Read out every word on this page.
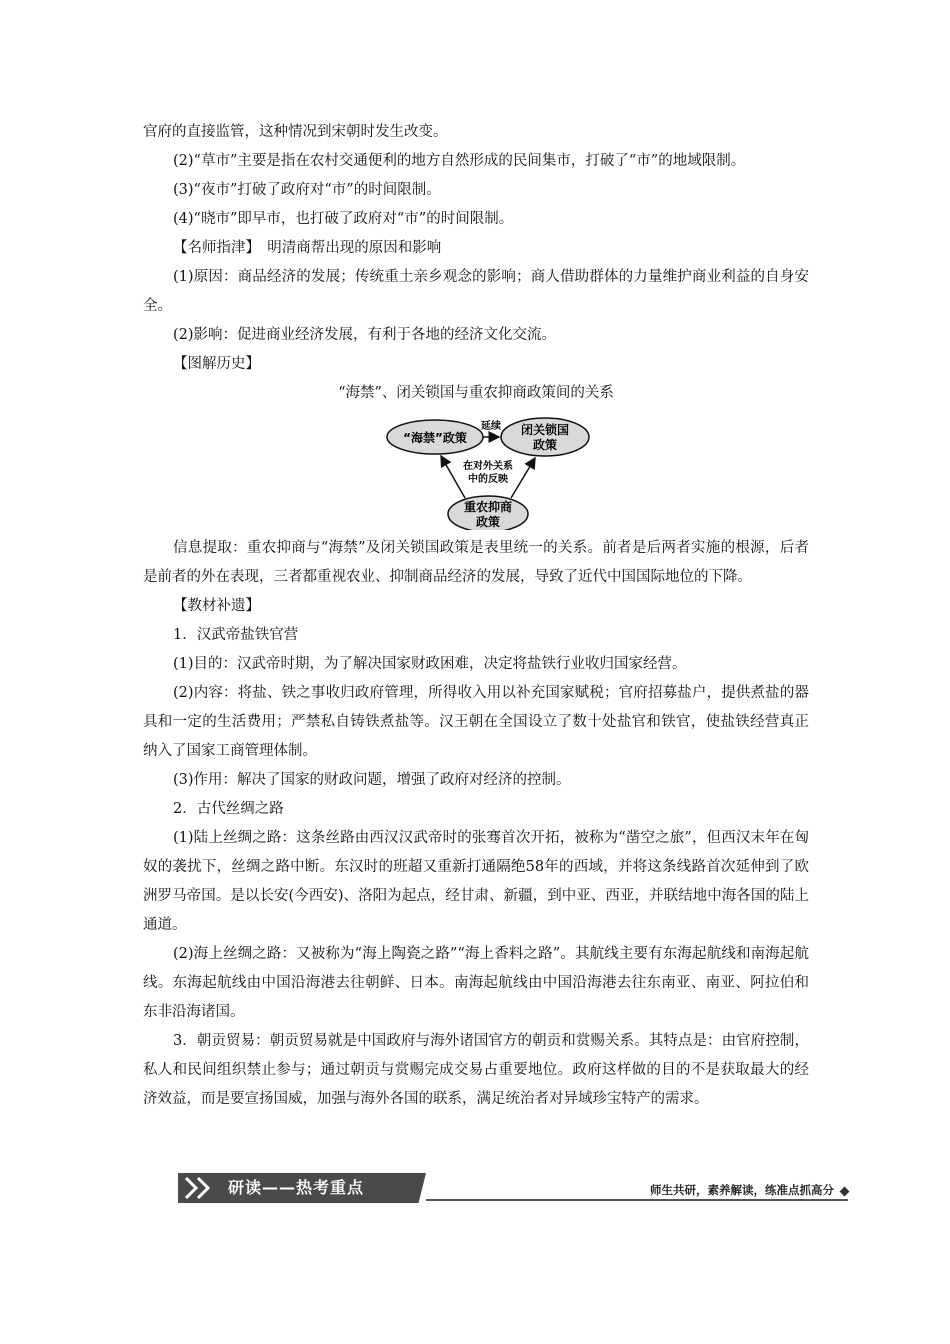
官府的直接监管，这种情况到宋朝时发生改变。

(2)“草市”主要是指在农村交通便利的地方自然形成的民间集市，打破了“市”的地域限制。

(3)“夜市”打破了政府对“市”的时间限制。

(4)“晓市”即早市，也打破了政府对“市”的时间限制。

【名师指津】　明清商帮出现的原因和影响

(1)原因：商品经济的发展；传统重土亲乡观念的影响；商人借助群体的力量维护商业利益的自身安全。

(2)影响：促进商业经济发展，有利于各地的经济文化交流。

【图解历史】

“海禁”、闭关锁国与重农抑商政策间的关系

“海禁”政策
闭关锁国
政策
重农抑商
政策
延续
在对外关系
中的反映

信息提取：重农抑商与“海禁”及闭关锁国政策是表里统一的关系。前者是后两者实施的根源，后者是前者的外在表现，三者都重视农业、抑制商品经济的发展，导致了近代中国国际地位的下降。

【教材补遗】

1．汉武帝盐铁官营

(1)目的：汉武帝时期，为了解决国家财政困难，决定将盐铁行业收归国家经营。

(2)内容：将盐、铁之事收归政府管理，所得收入用以补充国家赋税；官府招募盐户，提供煮盐的器具和一定的生活费用；严禁私自铸铁煮盐等。汉王朝在全国设立了数十处盐官和铁官，使盐铁经营真正纳入了国家工商管理体制。

(3)作用：解决了国家的财政问题，增强了政府对经济的控制。

2．古代丝绸之路

(1)陆上丝绸之路：这条丝路由西汉汉武帝时的张骞首次开拓，被称为“凿空之旅”，但西汉末年在匈奴的袭扰下，丝绸之路中断。东汉时的班超又重新打通隔绝58年的西域，并将这条线路首次延伸到了欧洲罗马帝国。是以长安(今西安)、洛阳为起点，经甘肃、新疆，到中亚、西亚，并联结地中海各国的陆上通道。

(2)海上丝绸之路：又被称为“海上陶瓷之路”“海上香料之路”。其航线主要有东海起航线和南海起航线。东海起航线由中国沿海港去往朝鲜、日本。南海起航线由中国沿海港去往东南亚、南亚、阿拉伯和东非沿海诸国。

3．朝贡贸易：朝贡贸易就是中国政府与海外诸国官方的朝贡和赏赐关系。其特点是：由官府控制，私人和民间组织禁止参与；通过朝贡与赏赐完成交易占重要地位。政府这样做的目的不是获取最大的经济效益，而是要宣扬国威，加强与海外各国的联系，满足统治者对异域珍宝特产的需求。

研读——热考重点	师生共研，素养解读，练准点抓高分
